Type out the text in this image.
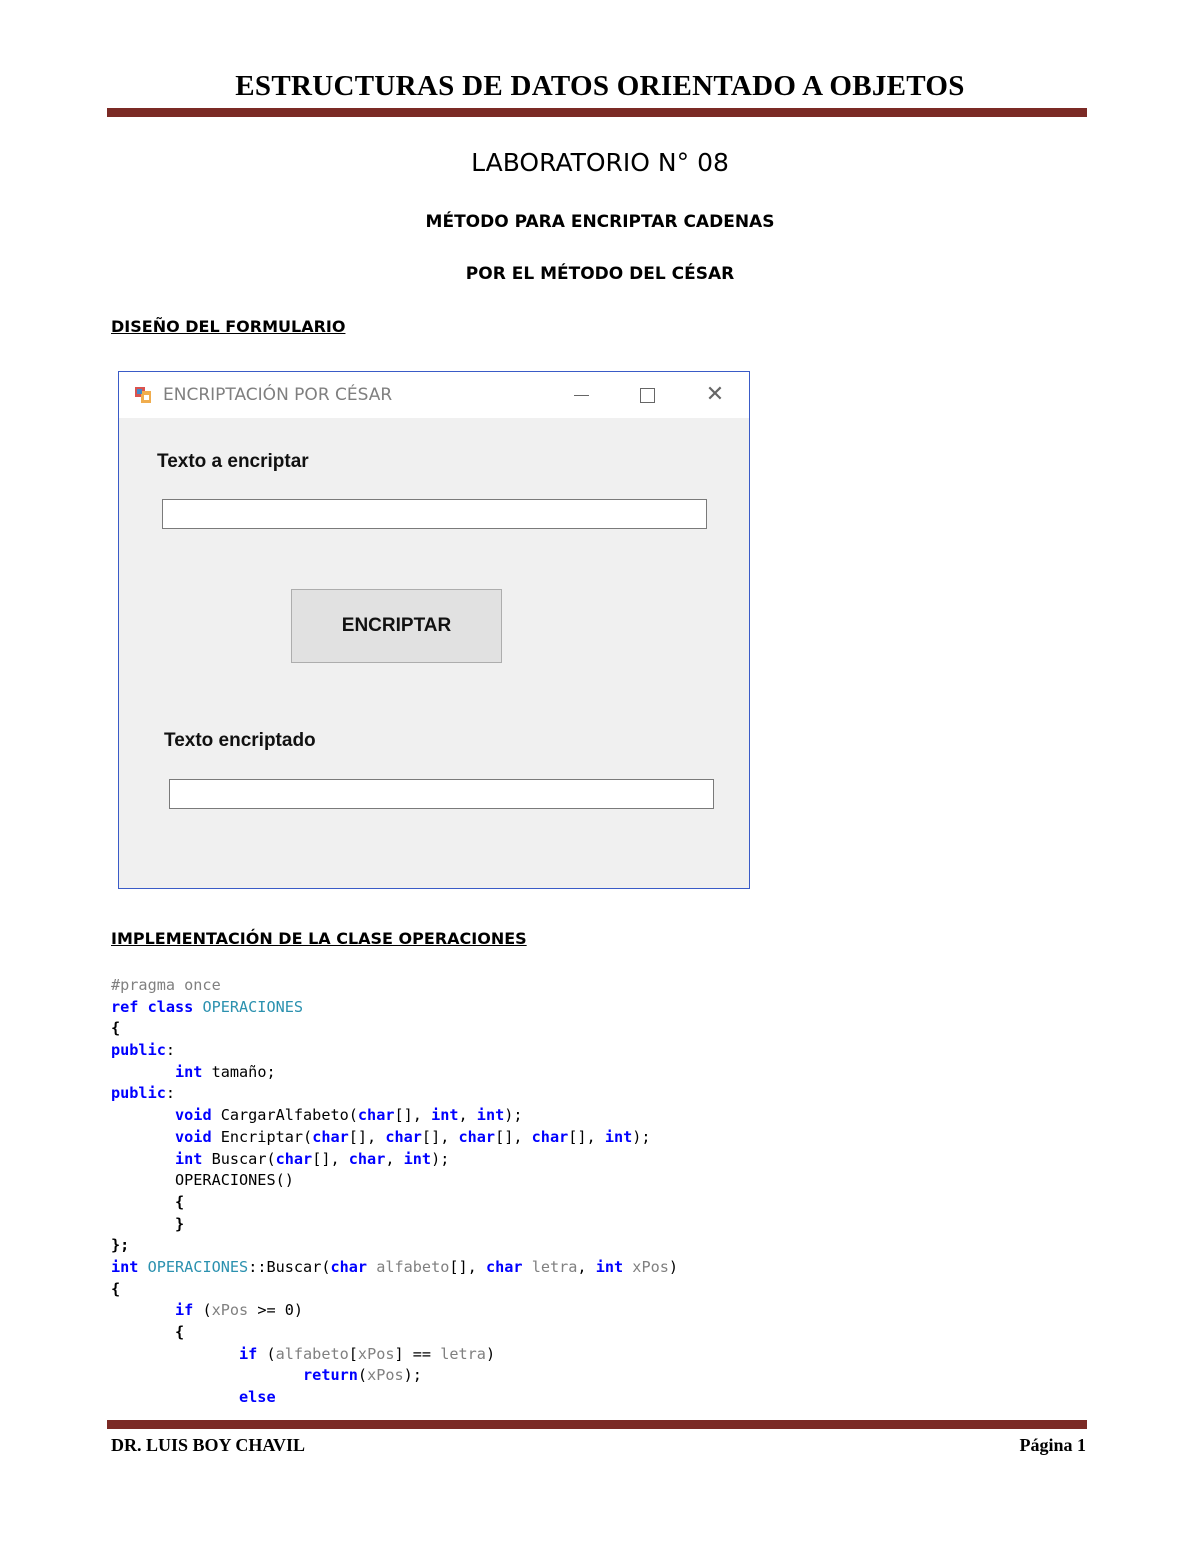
ESTRUCTURAS DE DATOS ORIENTADO A OBJETOS
LABORATORIO N° 08
MÉTODO PARA ENCRIPTAR CADENAS
POR EL MÉTODO DEL CÉSAR
DISEÑO DEL FORMULARIO
ENCRIPTACIÓN POR CÉSAR	✕
Texto a encriptar
ENCRIPTAR
Texto encriptado
IMPLEMENTACIÓN DE LA CLASE OPERACIONES
#pragma once
ref class OPERACIONES
{
public:
int tamaño;
public:
void CargarAlfabeto(char[], int, int);
void Encriptar(char[], char[], char[], char[], int);
int Buscar(char[], char, int);
OPERACIONES()
{
}
};
int OPERACIONES::Buscar(char alfabeto[], char letra, int xPos)
{
if (xPos >= 0)
{
if (alfabeto[xPos] == letra)
return(xPos);
else
DR. LUIS BOY CHAVIL	Página 1
